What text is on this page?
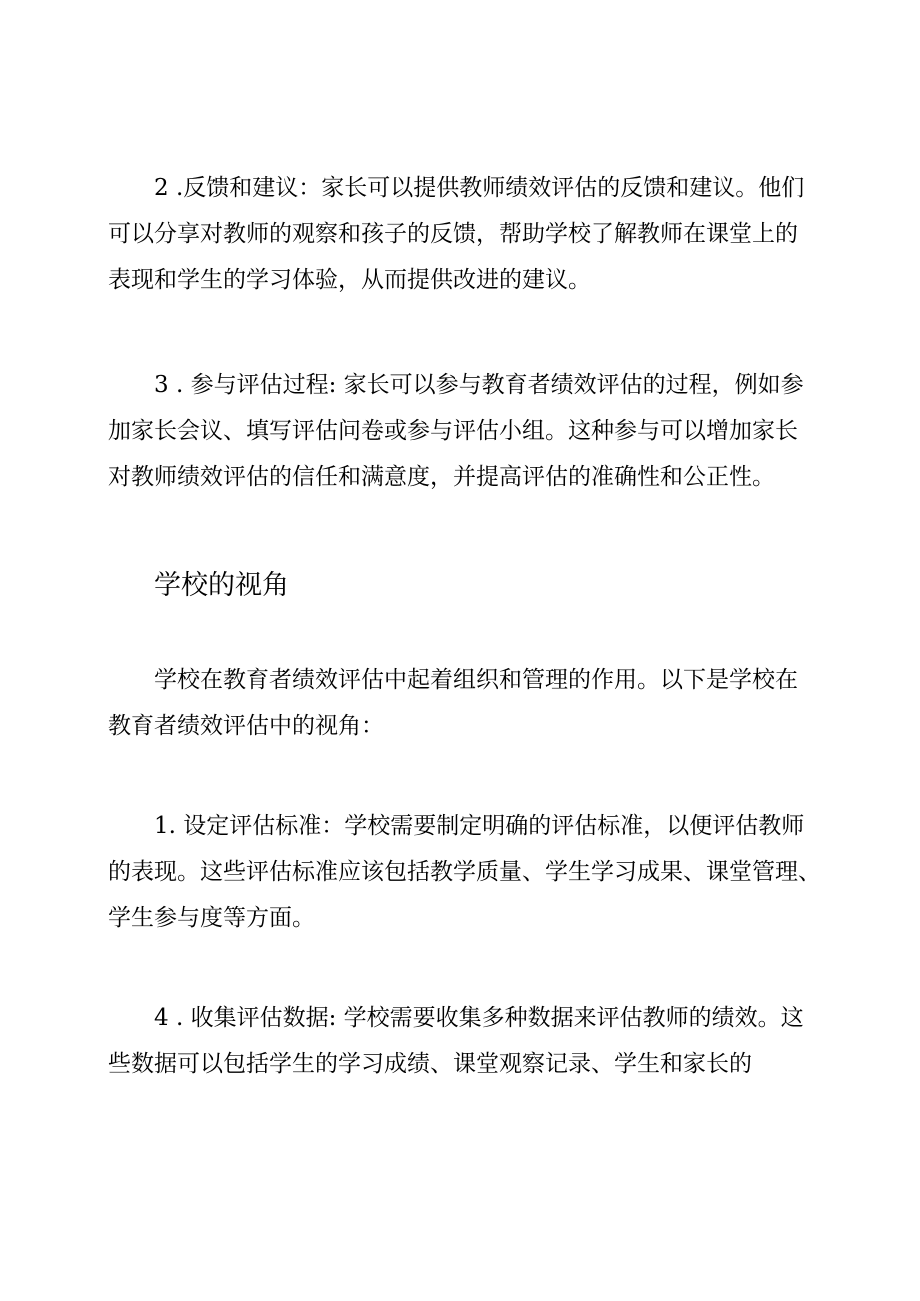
2 .反馈和建议：家长可以提供教师绩效评估的反馈和建议。他们
可以分享对教师的观察和孩子的反馈，帮助学校了解教师在课堂上的
表现和学生的学习体验，从而提供改进的建议。

3 . 参与评估过程: 家长可以参与教育者绩效评估的过程，例如参
加家长会议、填写评估问卷或参与评估小组。这种参与可以增加家长
对教师绩效评估的信任和满意度，并提高评估的准确性和公正性。

学校的视角

学校在教育者绩效评估中起着组织和管理的作用。以下是学校在
教育者绩效评估中的视角：

1. 设定评估标准：学校需要制定明确的评估标准，以便评估教师
的表现。这些评估标准应该包括教学质量、学生学习成果、课堂管理、
学生参与度等方面。

4 . 收集评估数据: 学校需要收集多种数据来评估教师的绩效。这
些数据可以包括学生的学习成绩、课堂观察记录、学生和家长的
